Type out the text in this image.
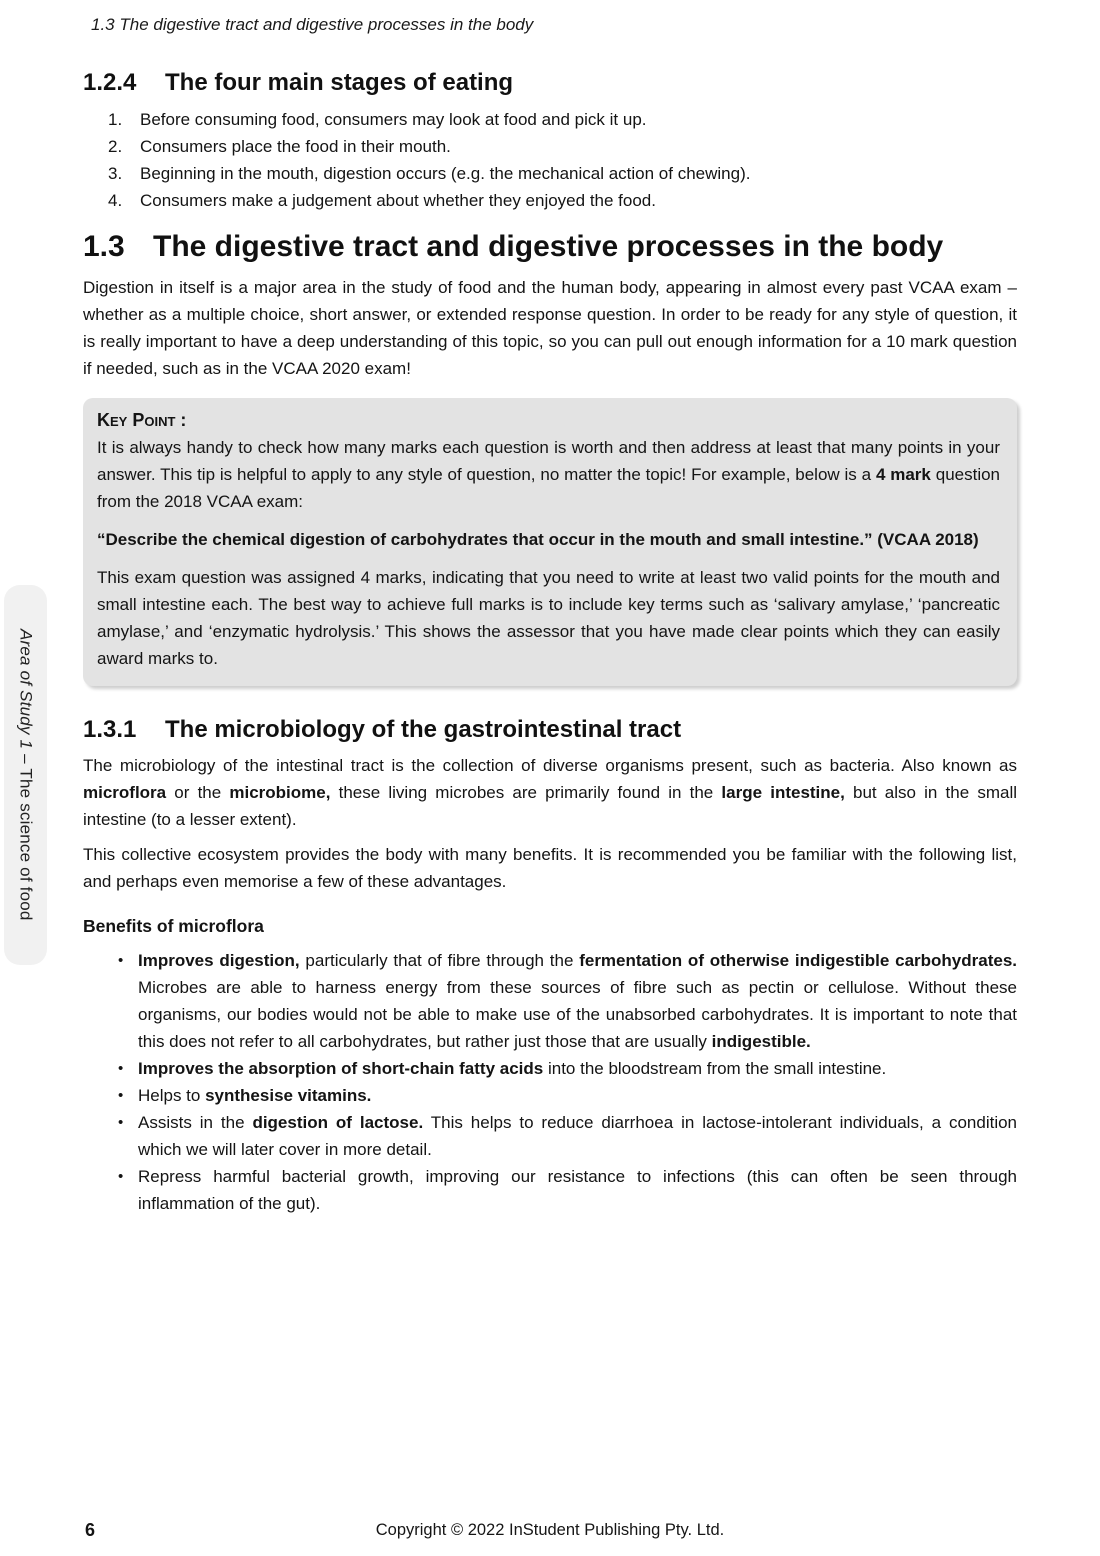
1.3 The digestive tract and digestive processes in the body
1.2.4	The four main stages of eating
Before consuming food, consumers may look at food and pick it up.
Consumers place the food in their mouth.
Beginning in the mouth, digestion occurs (e.g. the mechanical action of chewing).
Consumers make a judgement about whether they enjoyed the food.
1.3 The digestive tract and digestive processes in the body

Digestion in itself is a major area in the study of food and the human body, appearing in almost every past VCAA exam – whether as a multiple choice, short answer, or extended response question. In order to be ready for any style of question, it is really important to have a deep understanding of this topic, so you can pull out enough information for a 10 mark question if needed, such as in the VCAA 2020 exam!

Key Point :

It is always handy to check how many marks each question is worth and then address at least that many points in your answer. This tip is helpful to apply to any style of question, no matter the topic! For example, below is a 4 mark question from the 2018 VCAA exam:

“Describe the chemical digestion of carbohydrates that occur in the mouth and small intestine.” (VCAA 2018)

This exam question was assigned 4 marks, indicating that you need to write at least two valid points for the mouth and small intestine each. The best way to achieve full marks is to include key terms such as ‘salivary amylase,’ ‘pancreatic amylase,’ and ‘enzymatic hydrolysis.’ This shows the assessor that you have made clear points which they can easily award marks to.

1.3.1	The microbiology of the gastrointestinal tract

The microbiology of the intestinal tract is the collection of diverse organisms present, such as bacteria. Also known as microflora or the microbiome, these living microbes are primarily found in the large intestine, but also in the small intestine (to a lesser extent).

This collective ecosystem provides the body with many benefits. It is recommended you be familiar with the following list, and perhaps even memorise a few of these advantages.

Benefits of microflora
• Improves digestion, particularly that of fibre through the fermentation of otherwise indigestible carbohydrates. Microbes are able to harness energy from these sources of fibre such as pectin or cellulose. Without these organisms, our bodies would not be able to make use of the unabsorbed carbohydrates. It is important to note that this does not refer to all carbohydrates, but rather just those that are usually indigestible.
• Improves the absorption of short-chain fatty acids into the bloodstream from the small intestine.
• Helps to synthesise vitamins.
• Assists in the digestion of lactose. This helps to reduce diarrhoea in lactose-intolerant individuals, a condition which we will later cover in more detail.
• Repress harmful bacterial growth, improving our resistance to infections (this can often be seen through inflammation of the gut).
Area of Study 1 – The science of food
6	Copyright © 2022 InStudent Publishing Pty. Ltd.
